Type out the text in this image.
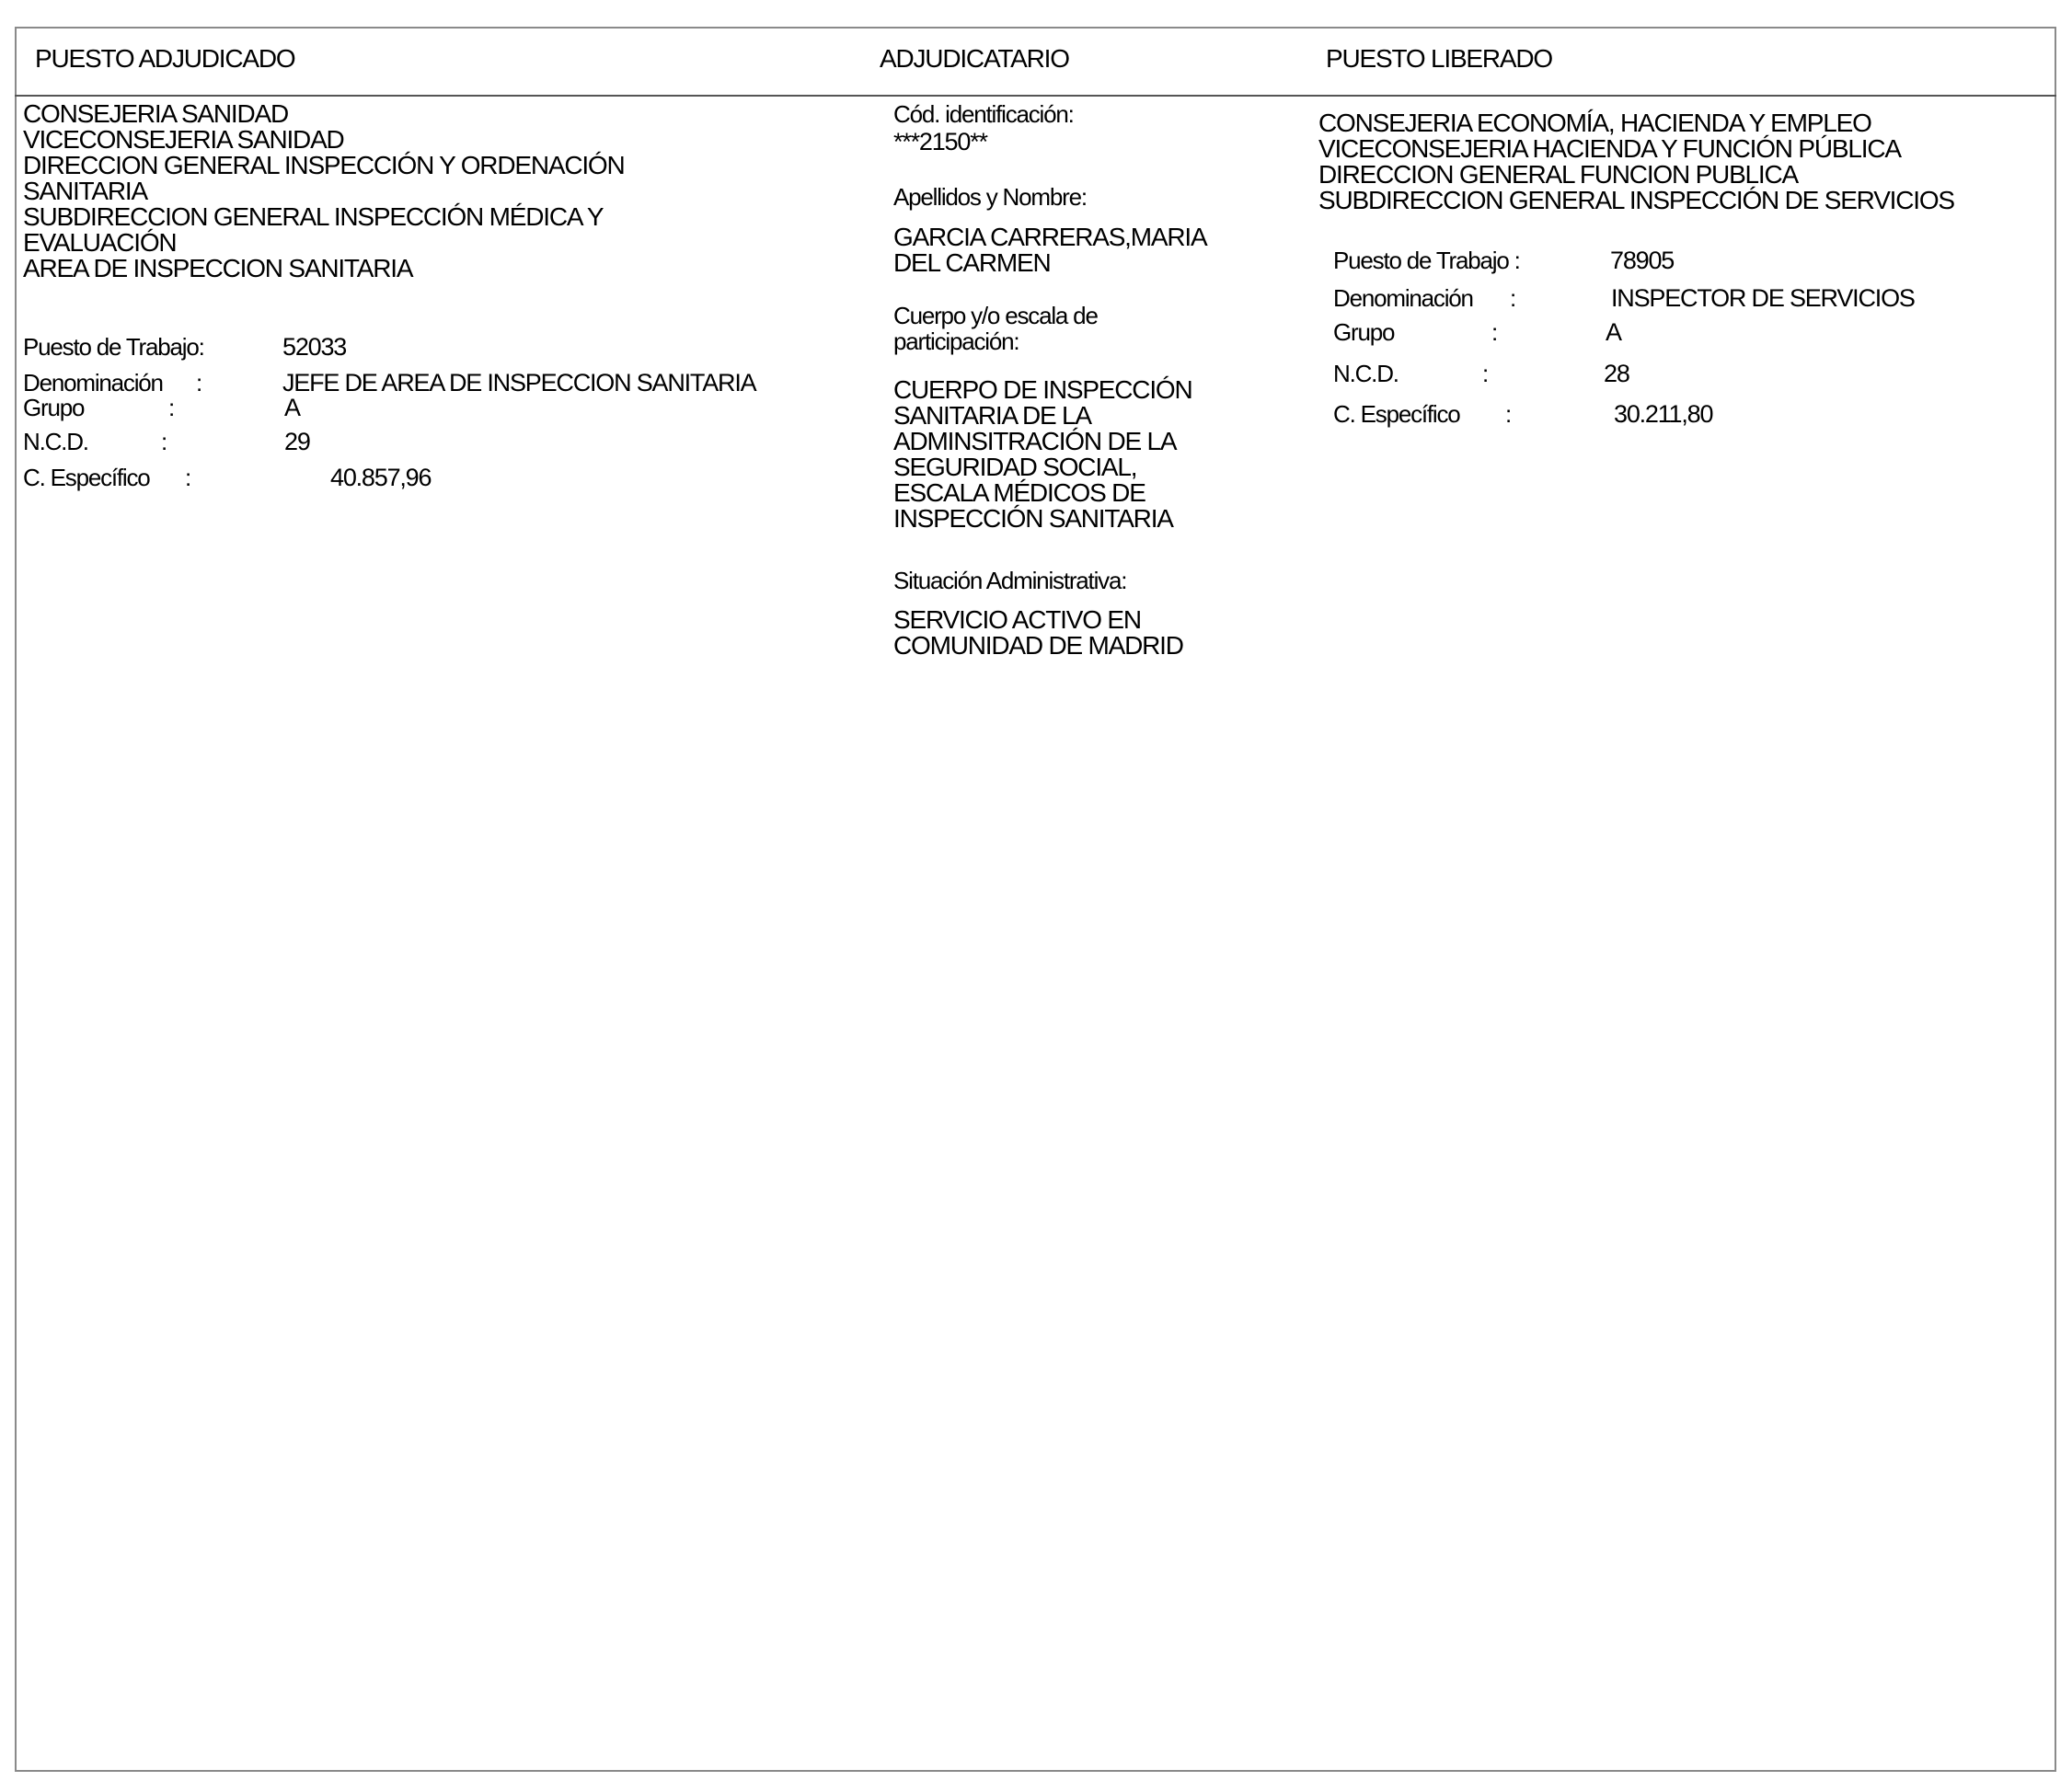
PUESTO ADJUDICADO	ADJUDICATARIO	PUESTO LIBERADO
CONSEJERIA SANIDAD
VICECONSEJERIA SANIDAD
DIRECCION GENERAL INSPECCIÓN Y ORDENACIÓN
SANITARIA
SUBDIRECCION GENERAL INSPECCIÓN MÉDICA Y
EVALUACIÓN
AREA DE INSPECCION SANITARIA
Puesto de Trabajo:	52033
Denominación :	JEFE DE AREA DE INSPECCION SANITARIA
Grupo	:	A
N.C.D.	:	29
C. Específico :	40.857,96
Cód. identificación:
***2150**
Apellidos y Nombre:
GARCIA CARRERAS,MARIA
DEL CARMEN
Cuerpo y/o escala de
participación:
CUERPO DE INSPECCIÓN
SANITARIA DE LA
ADMINSITRACIÓN DE LA
SEGURIDAD SOCIAL,
ESCALA MÉDICOS DE
INSPECCIÓN SANITARIA
Situación Administrativa:
SERVICIO ACTIVO EN
COMUNIDAD DE MADRID
CONSEJERIA ECONOMÍA, HACIENDA Y EMPLEO
VICECONSEJERIA HACIENDA Y FUNCIÓN PÚBLICA
DIRECCION GENERAL FUNCION PUBLICA
SUBDIRECCION GENERAL INSPECCIÓN DE SERVICIOS
Puesto de Trabajo :	78905
Denominación :	INSPECTOR DE SERVICIOS
Grupo	:	A
N.C.D.	:	28
C. Específico :	30.211,80
